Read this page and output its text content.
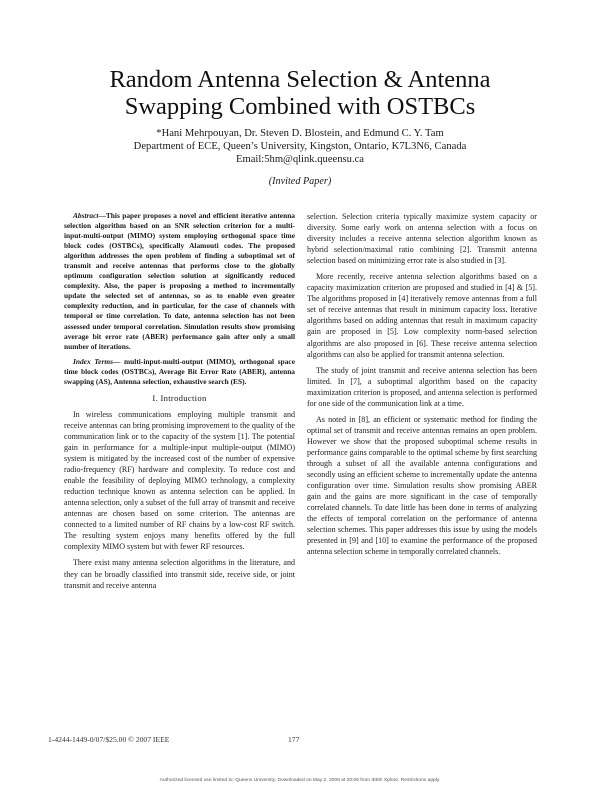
Random Antenna Selection & Antenna
Swapping Combined with OSTBCs
*Hani Mehrpouyan, Dr. Steven D. Blostein, and Edmund C. Y. Tam
Department of ECE, Queen’s University, Kingston, Ontario, K7L3N6, Canada
Email:5hm@qlink.queensu.ca
(Invited Paper)

Abstract—This paper proposes a novel and efficient iterative antenna selection algorithm based on an SNR selection criterion for a multi-input-multi-output (MIMO) system employing orthogonal space time block codes (OSTBCs), specifically Alamouti codes. The proposed algorithm addresses the open problem of finding a suboptimal set of transmit and receive antennas that performs close to the globally optimum configuration selection solution at significantly reduced complexity. Also, the paper is proposing a method to incrementally update the selected set of antennas, so as to enable even greater complexity reduction, and in particular, for the case of channels with temporal or time correlation. To date, antenna selection has not been assessed under temporal correlation. Simulation results show promising average bit error rate (ABER) performance gain after only a small number of iterations.

Index Terms— multi-input-multi-output (MIMO), orthogonal space time block codes (OSTBCs), Average Bit Error Rate (ABER), antenna swapping (AS), Antenna selection, exhaustive search (ES).

I. Introduction

In wireless communications employing multiple transmit and receive antennas can bring promising improvement to the quality of the communication link or to the capacity of the system [1]. The potential gain in performance for a multiple-input multiple-output (MIMO) system is mitigated by the increased cost of the number of expensive radio-frequency (RF) hardware and complexity. To reduce cost and enable the feasibility of deploying MIMO technology, a complexity reduction technique known as antenna selection can be applied. In antenna selection, only a subset of the full array of transmit and receive antennas are chosen based on some criterion. The antennas are connected to a limited number of RF chains by a low-cost RF switch. The resulting system enjoys many benefits offered by the full complexity MIMO system but with fewer RF resources.

There exist many antenna selection algorithms in the literature, and they can be broadly classified into transmit side, receive side, or joint transmit and receive antenna

selection. Selection criteria typically maximize system capacity or diversity. Some early work on antenna selection with a focus on diversity includes a receive antenna selection algorithm known as hybrid selection/maximal ratio combining [2]. Transmit antenna selection based on minimizing error rate is also studied in [3].

More recently, receive antenna selection algorithms based on a capacity maximization criterion are proposed and studied in [4] & [5]. The algorithms proposed in [4] iteratively remove antennas from a full set of receive antennas that result in minimum capacity loss. Iterative algorithms based on adding antennas that result in maximum capacity gain are proposed in [5]. Low complexity norm-based selection algorithms are also proposed in [6]. These receive antenna selection algorithms can also be applied for transmit antenna selection.

The study of joint transmit and receive antenna selection has been limited. In [7], a suboptimal algorithm based on the capacity maximization criterion is proposed, and antenna selection is performed for one side of the communication link at a time.

As noted in [8], an efficient or systematic method for finding the optimal set of transmit and receive antennas remains an open problem. However we show that the proposed suboptimal scheme results in performance gains comparable to the optimal scheme by first searching through a subset of all the available antenna configurations and secondly using an efficient scheme to incrementally update the antenna configuration over time. Simulation results show promising ABER gain and the gains are more significant in the case of temporally correlated channels. To date little has been done in terms of analyzing the effects of temporal correlation on the performance of antenna selection schemes. This paper addresses this issue by using the models presented in [9] and [10] to examine the performance of the proposed antenna selection scheme in temporally correlated channels.

1-4244-1449-0/07/$25.00 © 2007 IEEE	177
Authorized licensed use limited to: Queens University. Downloaded on May 2, 2009 at 20:06 from IEEE Xplore. Restrictions apply.
